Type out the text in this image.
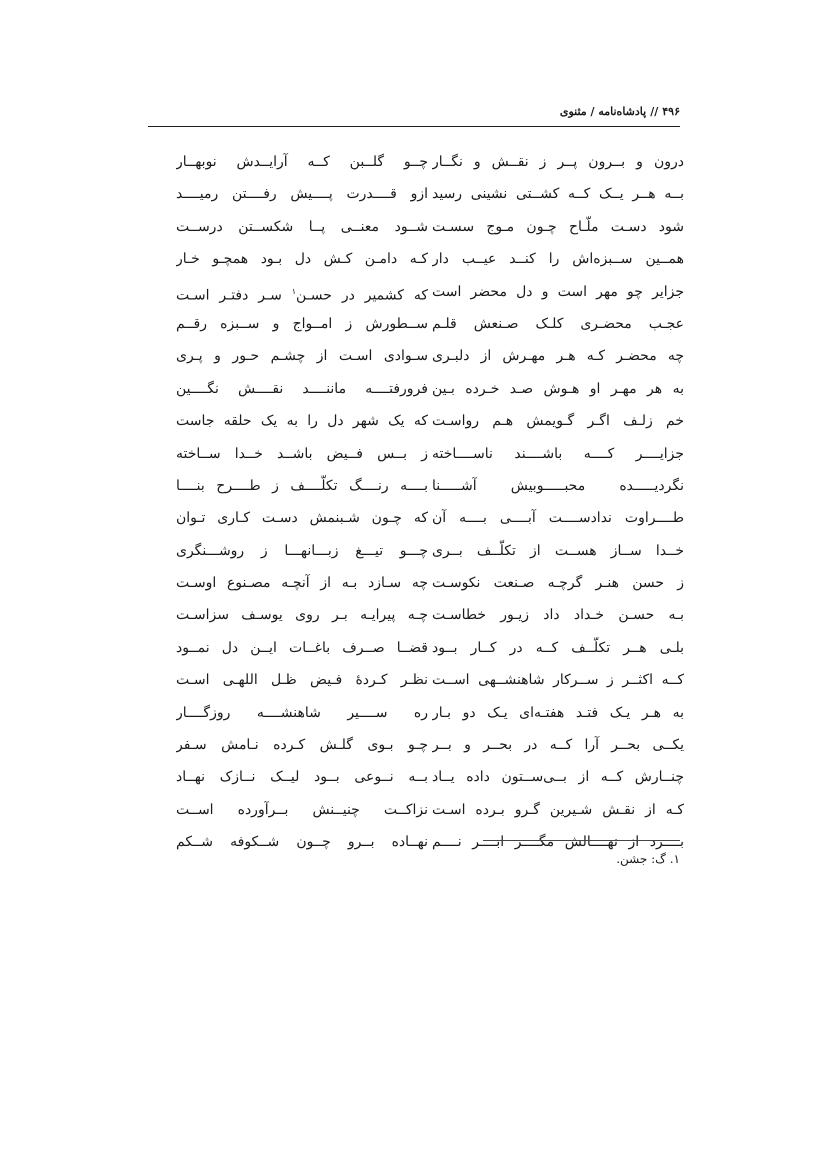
۴۹۶
//
پادشاه‌نامه / مثنوی
درون و بــرون پــر ز نقــش و نگــار
بــه هــر یــک کــه کشــتی نشینی رسید
شود دسـت ملّـاح چـون مـوج سسـت
همــین ســبزه‌اش را کنــد عیــب دار
جزایر چو مهر است و دل محضر است
عجـب محضـری کلـک صـنعش قلـم
چه محضـر کـه هـر مهـرش از دلبـری
به هر مهـر او هـوش صـد خـرده بـین
خم زلـف اگـر گـویمش هـم رواسـت
جزایــــر کــــه باشــــند ناســــاخته
نگردیـــــده محبـــــوبیش آشـــــنا
طــــراوت ندادســــت آبــــی بــــه آن
خــدا ســاز هســت از تکلّــف بــری
ز حسن هنـر گرچـه صـنعت نکوسـت
بـه حسـن خـداد داد زیـور خطاسـت
بلـی هــر تکلّــف کــه در کــار بــود
کــه اکثــر ز ســرکار شاهنشــهی اســت
به هـر یـک فتـد هفتـه‌ای یـک دو بـار
یکــی بحــر آرا کــه در بحــر و بــر
چنــارش کــه از بــی‌ســتون داده یــاد
کـه از نقـش شـیرین گـرو بـرده اسـت
بــــرد از نهــــالش مگــــر ابــــر نــــم
چــو گلــبن کــه آرایــدش نوبهــار
ازو قــــدرت پــــیش رفــــتن رمیــــد
شــود معنــی پــا شکســتن درســت
کـه دامـن کـش دل بـود همچـو خـار
که کشمیر در حسـن$^۱$ سـر دفتـر اسـت
ســطورش ز امــواج و ســبزه رقــم
سـوادی اسـت از چشـم حـور و پـری
فرورفتــــه ماننــــد نقــــش نگــــین
که یک شهر دل را به یک حلقه جاست
ز بــس فــیض باشــد خــدا ســاخته
بــــه رنــــگ تکلّــــف ز طــــرح بنــــا
که چـون شـبنمش دسـت کـاری تـوان
چـــو تیـــغ زبـــانهـــا ز روشـــنگری
چه سـازد بـه از آنچـه مصـنوع اوسـت
چـه پیرایـه بـر روی یوسـف سزاسـت
قضــا صــرف باغــات ایــن دل نمــود
نظـر کـردۀ فـیض ظـل اللهـی اسـت
ره ســــیر شاهنشــــه روزگــــار
چـو بـوی گلـش کـرده نـامش سـفر
بــه نــوعی بــود لیــک نــازک نهــاد
نزاکــت چنیــنش بــرآورده اســت
نهــاده بــرو چــون شــکوفه شــکم
۱. گ: جشن.
